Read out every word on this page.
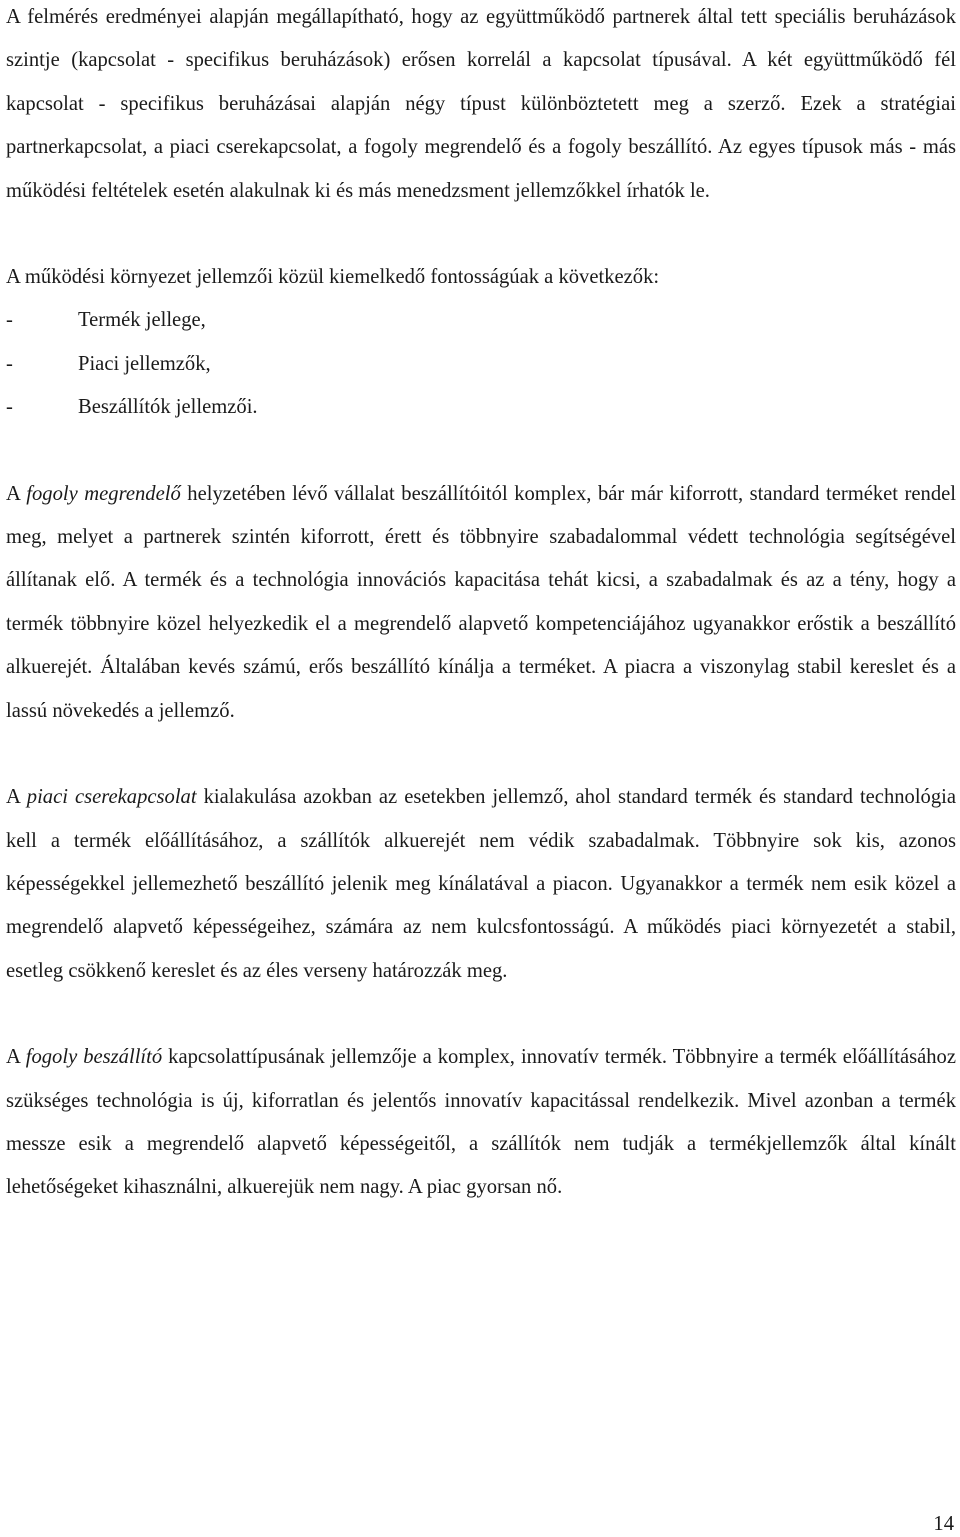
A felmérés eredményei alapján megállapítható, hogy az együttműködő partnerek által tett speciális beruházások szintje (kapcsolat - specifikus beruházások) erősen korrelál a kapcsolat típusával. A két együttműködő fél kapcsolat - specifikus beruházásai alapján négy típust különböztetett meg a szerző. Ezek a stratégiai partnerkapcsolat, a piaci cserekapcsolat, a fogoly megrendelő és a fogoly beszállító. Az egyes típusok más - más működési feltételek esetén alakulnak ki és más menedzsment jellemzőkkel írhatók le.

A működési környezet jellemzői közül kiemelkedő fontosságúak a következők:

-	Termék jellege,
-	Piaci jellemzők,
-	Beszállítók jellemzői.

A fogoly megrendelő helyzetében lévő vállalat beszállítóitól komplex, bár már kiforrott, standard terméket rendel meg, melyet a partnerek szintén kiforrott, érett és többnyire szabadalommal védett technológia segítségével állítanak elő. A termék és a technológia innovációs kapacitása tehát kicsi, a szabadalmak és az a tény, hogy a termék többnyire közel helyezkedik el a megrendelő alapvető kompetenciájához ugyanakkor erőstik a beszállító alkuerejét. Általában kevés számú, erős beszállító kínálja a terméket. A piacra a viszonylag stabil kereslet és a lassú növekedés a jellemző.

A piaci cserekapcsolat kialakulása azokban az esetekben jellemző, ahol standard termék és standard technológia kell a termék előállításához, a szállítók alkuerejét nem védik szabadalmak. Többnyire sok kis, azonos képességekkel jellemezhető beszállító jelenik meg kínálatával a piacon. Ugyanakkor a termék nem esik közel a megrendelő alapvető képességeihez, számára az nem kulcsfontosságú. A működés piaci környezetét a stabil, esetleg csökkenő kereslet és az éles verseny határozzák meg.

A fogoly beszállító kapcsolattípusának jellemzője a komplex, innovatív termék. Többnyire a termék előállításához szükséges technológia is új, kiforratlan és jelentős innovatív kapacitással rendelkezik. Mivel azonban a termék messze esik a megrendelő alapvető képességeitől, a szállítók nem tudják a termékjellemzők által kínált lehetőségeket kihasználni, alkuerejük nem nagy. A piac gyorsan nő.

14
